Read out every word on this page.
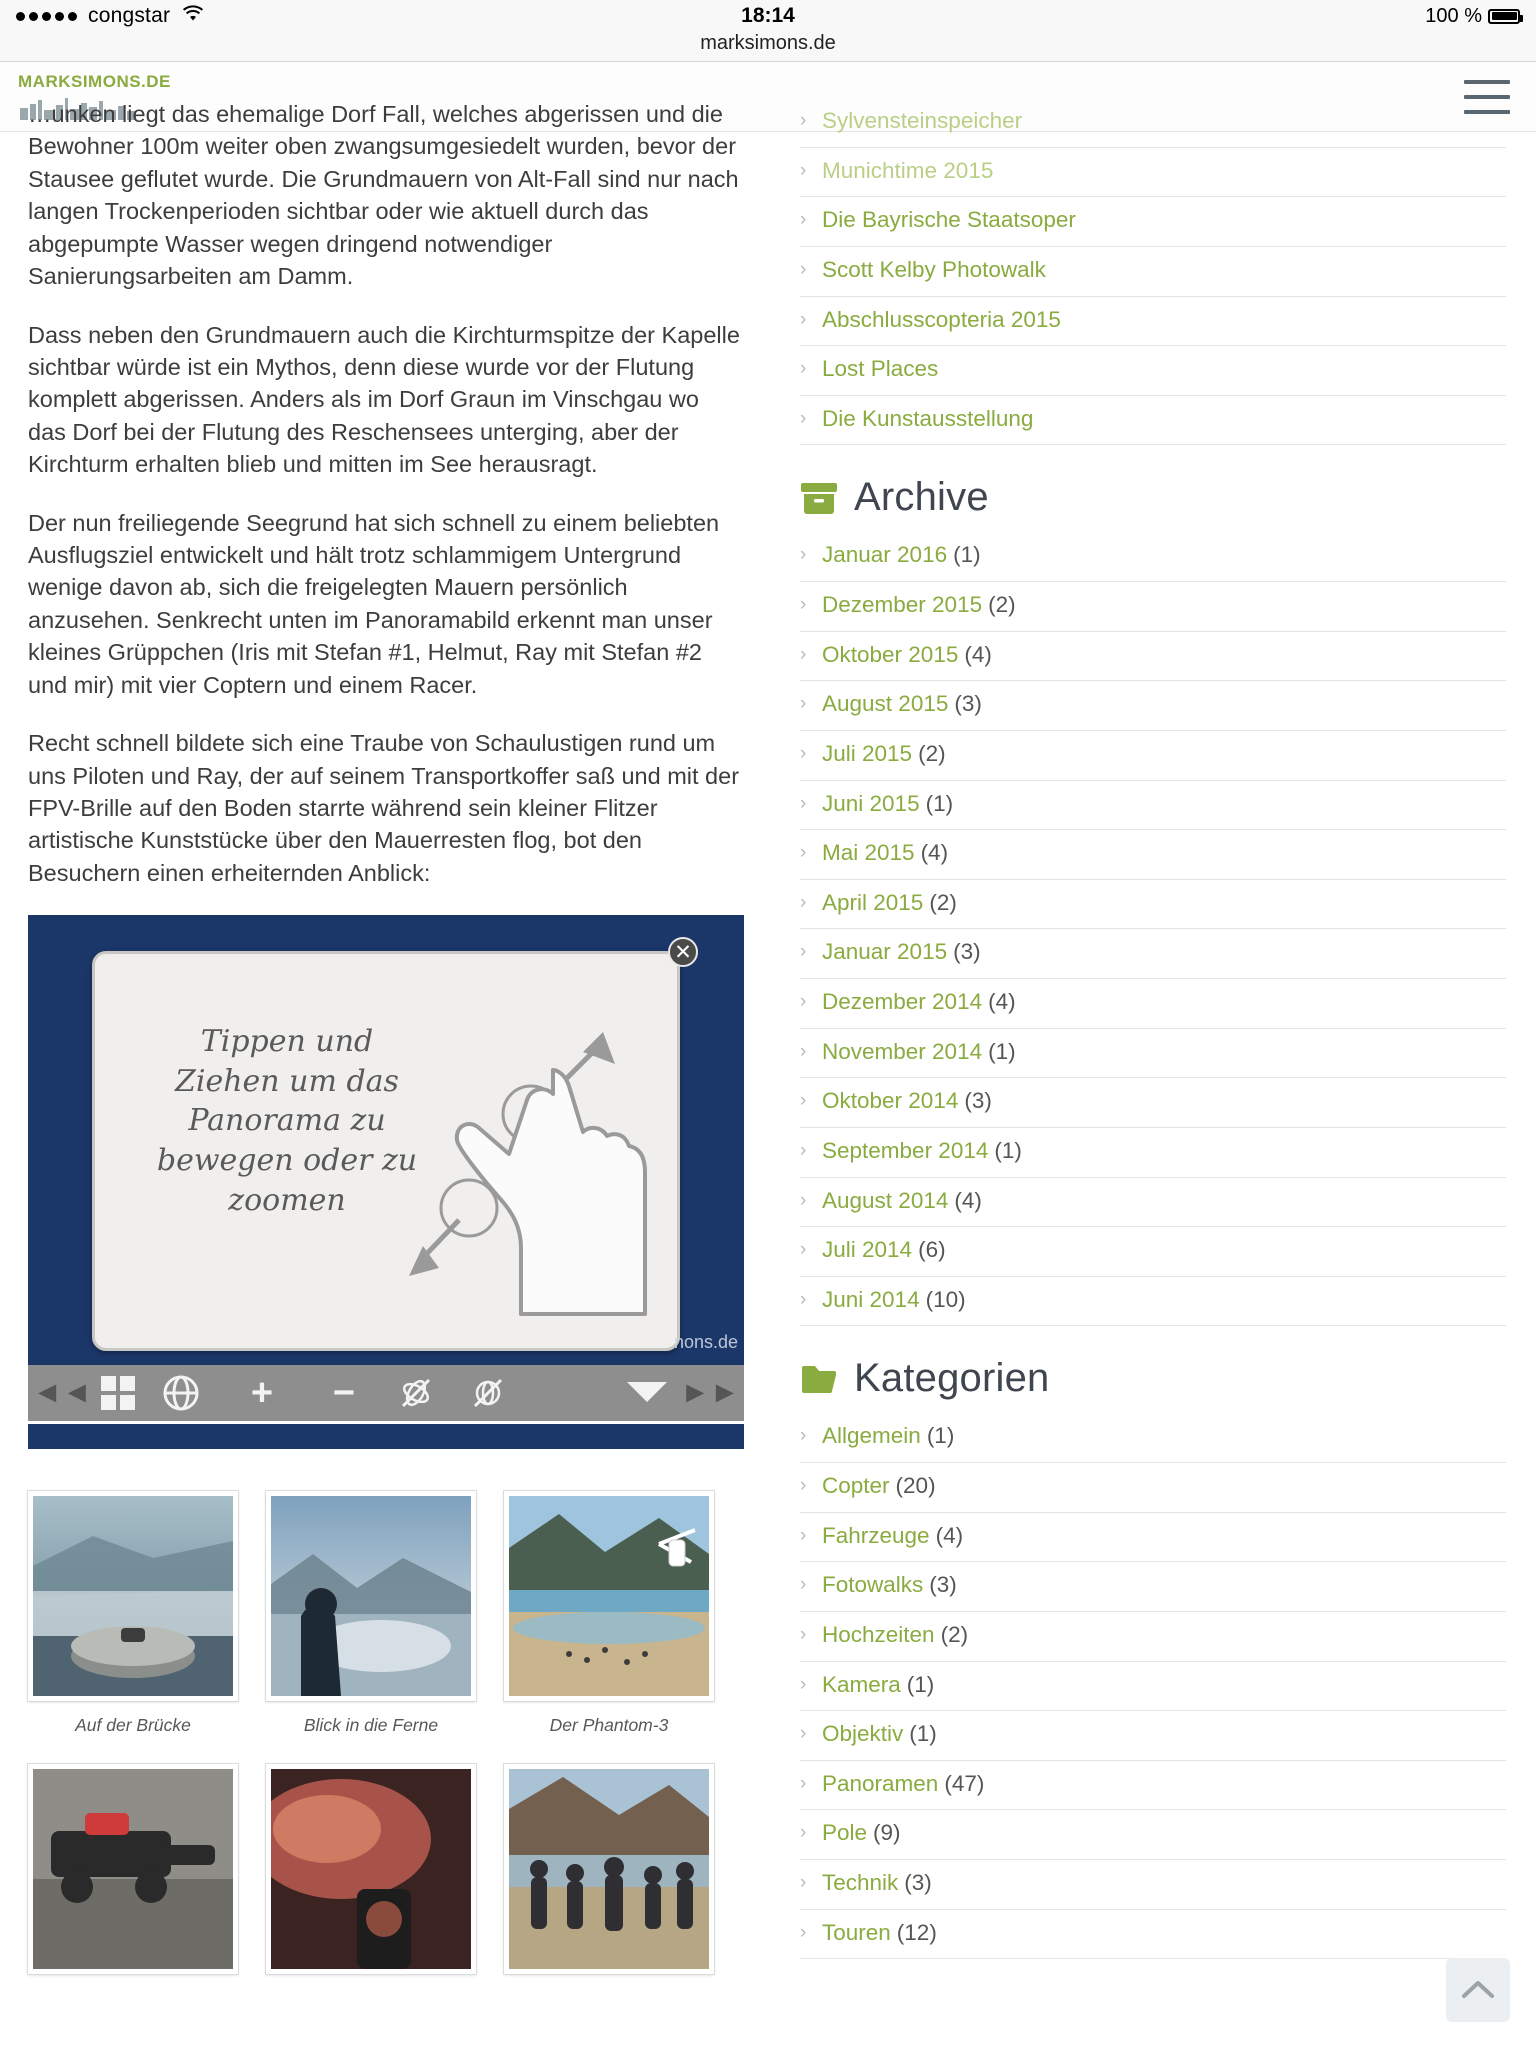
congstar	18:14	100 %
marksimons.de
MARKSIMONS.DE

…unken liegt das ehemalige Dorf Fall, welches abgerissen und die Bewohner 100m weiter oben zwangsumgesiedelt wurden, bevor der Stausee geflutet wurde. Die Grundmauern von Alt-Fall sind nur nach langen Trockenperioden sichtbar oder wie aktuell durch das abgepumpte Wasser wegen dringend notwendiger Sanierungsarbeiten am Damm.

Dass neben den Grundmauern auch die Kirchturmspitze der Kapelle sichtbar würde ist ein Mythos, denn diese wurde vor der Flutung komplett abgerissen. Anders als im Dorf Graun im Vinschgau wo das Dorf bei der Flutung des Reschensees unterging, aber der Kirchturm erhalten blieb und mitten im See herausragt.

Der nun freiliegende Seegrund hat sich schnell zu einem beliebten Ausflugsziel entwickelt und hält trotz schlammigem Untergrund wenige davon ab, sich die freigelegten Mauern persönlich anzusehen. Senkrecht unten im Panoramabild erkennt man unser kleines Grüppchen (Iris mit Stefan #1, Helmut, Ray mit Stefan #2 und mir) mit vier Coptern und einem Racer.

Recht schnell bildete sich eine Traube von Schaulustigen rund um uns Piloten und Ray, der auf seinem Transportkoffer saß und mit der FPV-Brille auf den Boden starrte während sein kleiner Flitzer artistische Kunststücke über den Mauerresten flog, bot den Besuchern einen erheiternden Anblick:

Tippen und Ziehen um das Panorama zu bewegen oder zu zoomen
✕
nons.de
◄◄	+	−	►►
Auf der Brücke	Blick in die Ferne	Der Phantom-3
› Sylvensteinspeicher
› Munichtime 2015
› Die Bayrische Staatsoper
› Scott Kelby Photowalk
› Abschlusscopteria 2015
› Lost Places
› Die Kunstausstellung
Archive
› Januar 2016 (1)
› Dezember 2015 (2)
› Oktober 2015 (4)
› August 2015 (3)
› Juli 2015 (2)
› Juni 2015 (1)
› Mai 2015 (4)
› April 2015 (2)
› Januar 2015 (3)
› Dezember 2014 (4)
› November 2014 (1)
› Oktober 2014 (3)
› September 2014 (1)
› August 2014 (4)
› Juli 2014 (6)
› Juni 2014 (10)
Kategorien
› Allgemein (1)
› Copter (20)
› Fahrzeuge (4)
› Fotowalks (3)
› Hochzeiten (2)
› Kamera (1)
› Objektiv (1)
› Panoramen (47)
› Pole (9)
› Technik (3)
› Touren (12)
